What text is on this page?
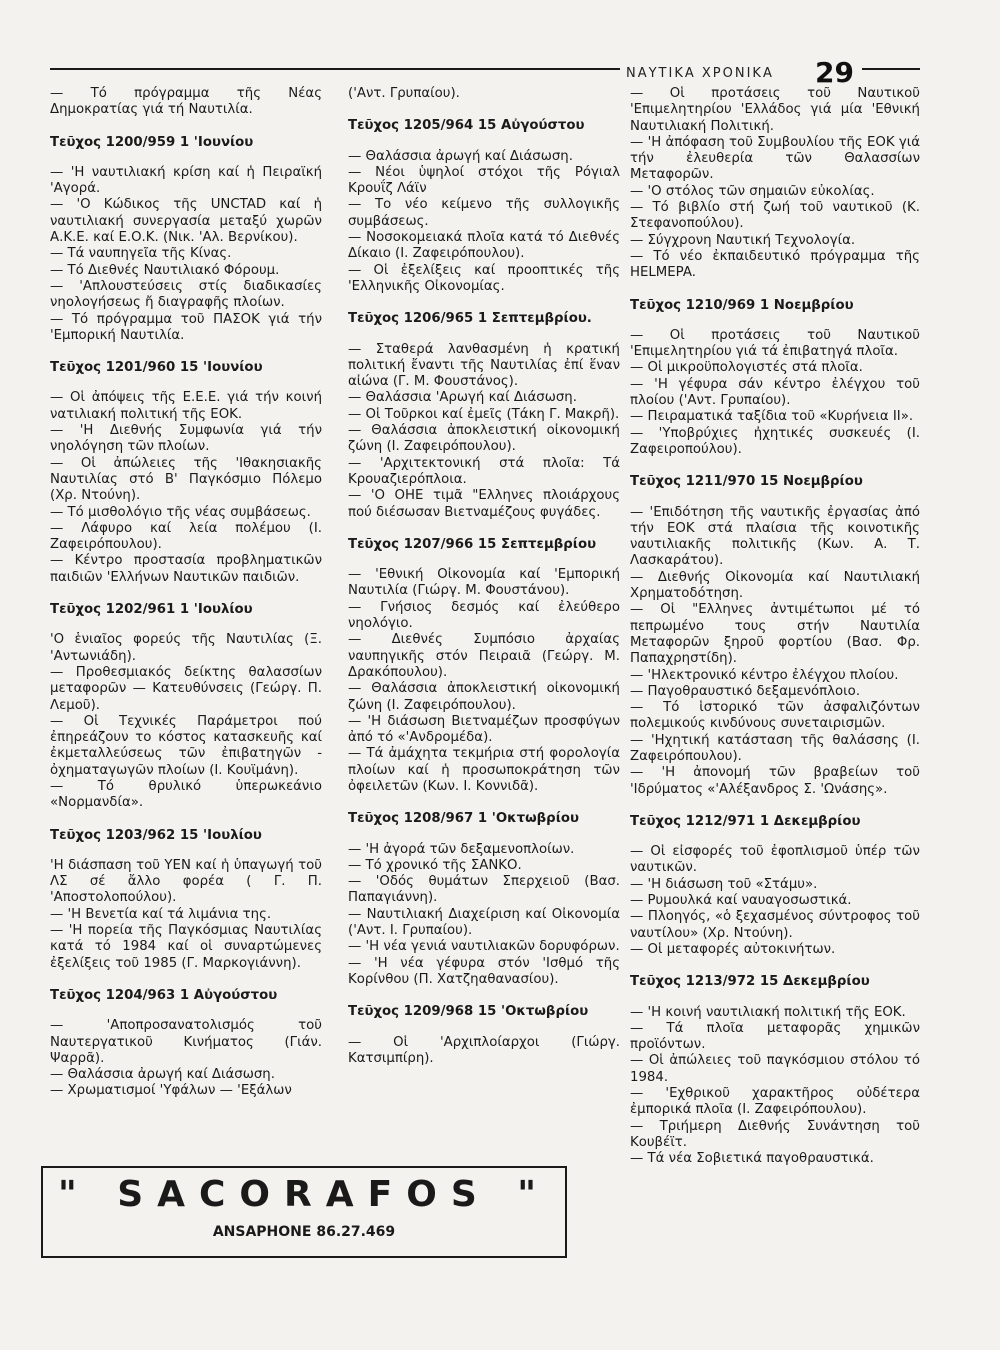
ΝΑΥΤΙΚΑ ΧΡΟΝΙΚΑ 29

— Τό πρόγραμμα τῆς Νέας Δημοκρατίας γιά τή Ναυτιλία.

Τεῦχος 1200/959 1 'Ιουνίου

— 'Η ναυτιλιακή κρίση καί ἡ Πειραϊκή 'Αγορά.

— 'Ο Κώδικος τῆς UNCTAD καί ἡ ναυτιλιακή συνεργασία μεταξύ χωρῶν Α.Κ.Ε. καί Ε.Ο.Κ. (Νικ. 'Αλ. Βερνίκου).

— Τά ναυπηγεῖα τῆς Κίνας.

— Τό Διεθνές Ναυτιλιακό Φόρουμ.

— 'Απλουστεύσεις στίς διαδικασίες νηολογήσεως ἤ διαγραφῆς πλοίων.

— Τό πρόγραμμα τοῦ ΠΑΣΟΚ γιά τήν 'Εμπορική Ναυτιλία.

Τεῦχος 1201/960 15 'Ιουνίου

— Οἱ ἀπόψεις τῆς Ε.Ε.Ε. γιά τήν κοινή νατιλιακή πολιτική τῆς ΕΟΚ.

— 'Η Διεθνής Συμφωνία γιά τήν νηολόγηση τῶν πλοίων.

— Οἱ ἀπώλειες τῆς 'Ιθακησιακῆς Ναυτιλίας στό Β' Παγκόσμιο Πόλεμο (Χρ. Ντούνη).

— Τό μισθολόγιο τῆς νέας συμβάσεως.

— Λάφυρο καί λεία πολέμου (Ι. Ζαφειρόπουλου).

— Κέντρο προστασία προβληματικῶν παιδιῶν 'Ελλήνων Ναυτικῶν παιδιῶν.

Τεῦχος 1202/961 1 'Ιουλίου

'Ο ἑνιαῖος φορεύς τῆς Ναυτιλίας (Ξ. 'Αντωνιάδη).

— Προθεσμιακός δείκτης θαλασσίων μεταφορῶν — Κατευθύνσεις (Γεώργ. Π. Λεμοῦ).

— Οἱ Τεχνικές Παράμετροι πού ἐπηρεάζουν το κόστος κατασκευῆς καί ἐκμεταλλεύσεως τῶν ἐπιβατηγῶν - ὀχηματαγωγῶν πλοίων (Ι. Κουϊμάνη).

— Τό θρυλικό ὑπερωκεάνιο «Νορμανδία».

Τεῦχος 1203/962 15 'Ιουλίου

'Η διάσπαση τοῦ ΥΕΝ καί ἡ ὑπαγωγή τοῦ ΛΣ σέ ἄλλο φορέα ( Γ. Π. 'Αποστολοπούλου).

— 'Η Βενετία καί τά λιμάνια της.

— 'Η πορεία τῆς Παγκόσμιας Ναυτιλίας κατά τό 1984 καί οἱ συναρτώμενες ἐξελίξεις τοῦ 1985 (Γ. Μαρκογιάννη).

Τεῦχος 1204/963 1 Αὐγούστου

— 'Αποπροσανατολισμός τοῦ Ναυτεργατικοῦ Κινήματος (Γιάν. Ψαρρᾶ).

— Θαλάσσια ἀρωγή καί Διάσωση.

— Χρωματισμοί 'Υφάλων — 'Εξάλων

('Αντ. Γρυπαίου).

Τεῦχος 1205/964 15 Αὐγούστου

— Θαλάσσια ἀρωγή καί Διάσωση.

— Νέοι ὑψηλοί στόχοι τῆς Ρόγιαλ Κρουΐζ Λάϊν

— Το νέο κείμενο τῆς συλλογικῆς συμβάσεως.

— Νοσοκομειακά πλοῖα κατά τό Διεθνές Δίκαιο (Ι. Ζαφειρόπουλου).

— Οἱ ἐξελίξεις καί προοπτικές τῆς 'Ελληνικῆς Οἰκονομίας.

Τεῦχος 1206/965 1 Σεπτεμβρίου.

— Σταθερά λανθασμένη ἡ κρατική πολιτική ἔναντι τῆς Ναυτιλίας ἐπί ἕναν αἰώνα (Γ. Μ. Φουστάνος).

— Θαλάσσια 'Αρωγή καί Διάσωση.

— Οἱ Τοῦρκοι καί ἐμεῖς (Τάκη Γ. Μακρῆ).

— Θαλάσσια ἀποκλειστική οἰκονομική ζώνη (Ι. Ζαφειρόπουλου).

— 'Αρχιτεκτονική στά πλοῖα: Τά Κρουαζιερόπλοια.

— 'Ο ΟΗΕ τιμᾶ "Ελληνες πλοιάρχους πού διέσωσαν Βιετναμέζους φυγάδες.

Τεῦχος 1207/966 15 Σεπτεμβρίου

— 'Εθνική Οἰκονομία καί 'Εμπορική Ναυτιλία (Γιώργ. Μ. Φουστάνου).

— Γνήσιος δεσμός καί ἐλεύθερο νηολόγιο.

— Διεθνές Συμπόσιο ἀρχαίας ναυπηγικῆς στόν Πειραιᾶ (Γεώργ. Μ. Δρακόπουλου).

— Θαλάσσια ἀποκλειστική οἰκονομική ζώνη (Ι. Ζαφειρόπουλου).

— 'Η διάσωση Βιετναμέζων προσφύγων ἀπό τό «'Ανδρομέδα).

— Τά ἀμάχητα τεκμήρια στή φορολογία πλοίων καί ἡ προσωποκράτηση τῶν ὀφειλετῶν (Κων. Ι. Κοννιδᾶ).

Τεῦχος 1208/967 1 'Οκτωβρίου

— 'Η ἀγορά τῶν δεξαμενοπλοίων.

— Τό χρονικό τῆς ΣΑΝΚΟ.

— 'Οδός θυμάτων Σπερχειοῦ (Βασ. Παπαγιάννη).

— Ναυτιλιακή Διαχείριση καί Οἰκονομία ('Αντ. Ι. Γρυπαίου).

— 'Η νέα γενιά ναυτιλιακῶν δορυφόρων.

— 'Η νέα γέφυρα στόν 'Ισθμό τῆς Κορίνθου (Π. Χατζηαθανασίου).

Τεῦχος 1209/968 15 'Οκτωβρίου

— Οἱ 'Αρχιπλοίαρχοι (Γιώργ. Κατσιμπίρη).

— Οἱ προτάσεις τοῦ Ναυτικοῦ 'Επιμελητηρίου 'Ελλάδος γιά μία 'Εθνική Ναυτιλιακή Πολιτική.

— 'Η ἀπόφαση τοῦ Συμβουλίου τῆς ΕΟΚ γιά τήν ἐλευθερία τῶν Θαλασσίων Μεταφορῶν.

— 'Ο στόλος τῶν σημαιῶν εὐκολίας.

— Τό βιβλίο στή ζωή τοῦ ναυτικοῦ (Κ. Στεφανοπούλου).

— Σύγχρονη Ναυτική Τεχνολογία.

— Τό νέο ἐκπαιδευτικό πρόγραμμα τῆς HELMEPA.

Τεῦχος 1210/969 1 Νοεμβρίου

— Οἱ προτάσεις τοῦ Ναυτικοῦ 'Επιμελητηρίου γιά τά ἐπιβατηγά πλοῖα.

— Οἱ μικροϋπολογιστές στά πλοῖα.

— 'Η γέφυρα σάν κέντρο ἐλέγχου τοῦ πλοίου ('Αντ. Γρυπαίου).

— Πειραματικά ταξίδια τοῦ «Κυρήνεια ΙΙ».

— 'Υποβρύχιες ἠχητικές συσκευές (Ι. Ζαφειροπούλου).

Τεῦχος 1211/970 15 Νοεμβρίου

— 'Επιδότηση τῆς ναυτικῆς ἐργασίας ἀπό τήν ΕΟΚ στά πλαίσια τῆς κοινοτικῆς ναυτιλιακῆς πολιτικῆς (Κων. Α. Τ. Λασκαράτου).

— Διεθνής Οἰκονομία καί Ναυτιλιακή Χρηματοδότηση.

— Οἱ "Ελληνες ἀντιμέτωποι μέ τό πεπρωμένο τους στήν Ναυτιλία Μεταφορῶν ξηροῦ φορτίου (Βασ. Φρ. Παπαχρηστίδη).

— 'Ηλεκτρονικό κέντρο ἐλέγχου πλοίου.

— Παγοθραυστικό δεξαμενόπλοιο.

— Τό ἱστορικό τῶν ἀσφαλιζόντων πολεμικούς κινδύνους συνεταιρισμῶν.

— 'Ηχητική κατάσταση τῆς θαλάσσης (Ι. Ζαφειρόπουλου).

— 'Η ἀπονομή τῶν βραβείων τοῦ 'Ιδρύματος «'Αλέξανδρος Σ. 'Ωνάσης».

Τεῦχος 1212/971 1 Δεκεμβρίου

— Οἱ εἰσφορές τοῦ ἐφοπλισμοῦ ὑπέρ τῶν ναυτικῶν.

— 'Η διάσωση τοῦ «Στάμυ».

— Ρυμουλκά καί ναυαγοσωστικά.

— Πλοηγός, «ὁ ξεχασμένος σύντροφος τοῦ ναυτίλου» (Χρ. Ντούνη).

— Οἱ μεταφορές αὐτοκινήτων.

Τεῦχος 1213/972 15 Δεκεμβρίου

— 'Η κοινή ναυτιλιακή πολιτική τῆς ΕΟΚ.

— Τά πλοῖα μεταφορᾶς χημικῶν προϊόντων.

— Οἱ ἀπώλειες τοῦ παγκόσμιου στόλου τό 1984.

— 'Εχθρικοῦ χαρακτῆρος οὐδέτερα ἐμπορικά πλοῖα (Ι. Ζαφειρόπουλου).

— Τριήμερη Διεθνής Συνάντηση τοῦ Κουβέϊτ.

— Τά νέα Σοβιετικά παγοθραυστικά.

" SACORAFOS "
ANSAPHONE 86.27.469
